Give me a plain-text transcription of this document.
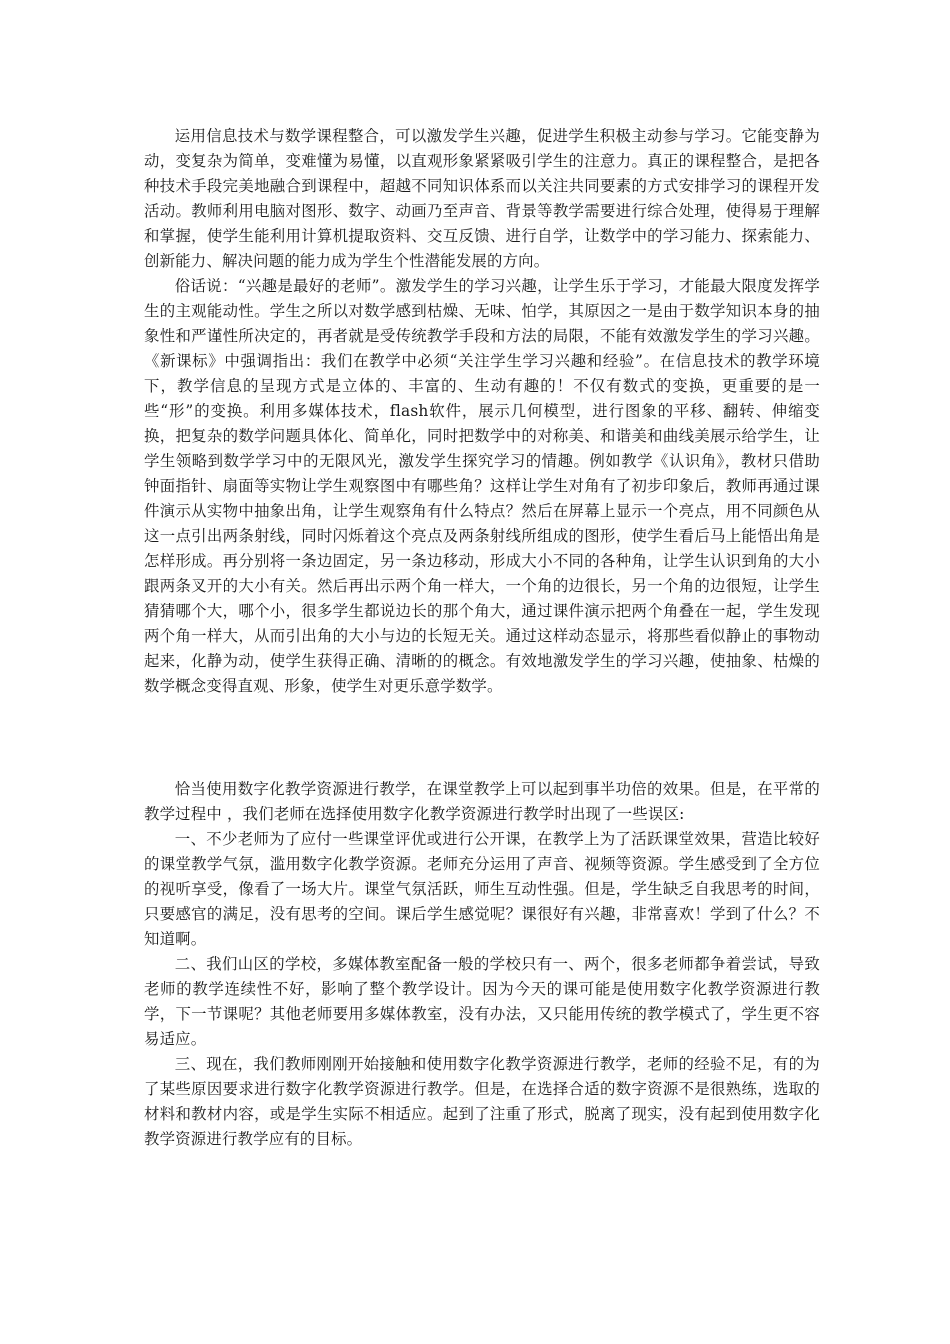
运用信息技术与数学课程整合，可以激发学生兴趣，促进学生积极主动参与学习。它能变静为动，变复杂为简单，变难懂为易懂，以直观形象紧紧吸引学生的注意力。真正的课程整合，是把各种技术手段完美地融合到课程中，超越不同知识体系而以关注共同要素的方式安排学习的课程开发活动。教师利用电脑对图形、数字、动画乃至声音、背景等教学需要进行综合处理，使得易于理解和掌握，使学生能利用计算机提取资料、交互反馈、进行自学，让数学中的学习能力、探索能力、创新能力、解决问题的能力成为学生个性潜能发展的方向。

俗话说：“兴趣是最好的老师”。激发学生的学习兴趣，让学生乐于学习，才能最大限度发挥学生的主观能动性。学生之所以对数学感到枯燥、无味、怕学，其原因之一是由于数学知识本身的抽象性和严谨性所决定的，再者就是受传统教学手段和方法的局限，不能有效激发学生的学习兴趣。《新课标》中强调指出：我们在教学中必须“关注学生学习兴趣和经验”。在信息技术的教学环境下，教学信息的呈现方式是立体的、丰富的、生动有趣的！不仅有数式的变换，更重要的是一些“形”的变换。利用多媒体技术，flash软件，展示几何模型，进行图象的平移、翻转、伸缩变换，把复杂的数学问题具体化、简单化，同时把数学中的对称美、和谐美和曲线美展示给学生，让学生领略到数学学习中的无限风光，激发学生探究学习的情趣。例如教学《认识角》，教材只借助钟面指针、扇面等实物让学生观察图中有哪些角？这样让学生对角有了初步印象后，教师再通过课件演示从实物中抽象出角，让学生观察角有什么特点？然后在屏幕上显示一个亮点，用不同颜色从这一点引出两条射线，同时闪烁着这个亮点及两条射线所组成的图形，使学生看后马上能悟出角是怎样形成。再分别将一条边固定，另一条边移动，形成大小不同的各种角，让学生认识到角的大小跟两条叉开的大小有关。然后再出示两个角一样大，一个角的边很长，另一个角的边很短，让学生猜猜哪个大，哪个小，很多学生都说边长的那个角大，通过课件演示把两个角叠在一起，学生发现两个角一样大，从而引出角的大小与边的长短无关。通过这样动态显示，将那些看似静止的事物动起来，化静为动，使学生获得正确、清晰的的概念。有效地激发学生的学习兴趣，使抽象、枯燥的数学概念变得直观、形象，使学生对更乐意学数学。

恰当使用数字化教学资源进行教学，在课堂教学上可以起到事半功倍的效果。但是，在平常的教学过程中 ，我们老师在选择使用数字化教学资源进行教学时出现了一些误区:

一、不少老师为了应付一些课堂评优或进行公开课，在教学上为了活跃课堂效果，营造比较好的课堂教学气氛，滥用数字化教学资源。老师充分运用了声音、视频等资源。学生感受到了全方位的视听享受，像看了一场大片。课堂气氛活跃，师生互动性强。但是，学生缺乏自我思考的时间，只要感官的满足，没有思考的空间。课后学生感觉呢？课很好有兴趣，非常喜欢！学到了什么？不知道啊。

二、我们山区的学校，多媒体教室配备一般的学校只有一、两个，很多老师都争着尝试，导致老师的教学连续性不好，影响了整个教学设计。因为今天的课可能是使用数字化教学资源进行教学，下一节课呢？其他老师要用多媒体教室，没有办法，又只能用传统的教学模式了，学生更不容易适应。

三、现在，我们教师刚刚开始接触和使用数字化教学资源进行教学，老师的经验不足，有的为了某些原因要求进行数字化教学资源进行教学。但是，在选择合适的数字资源不是很熟练，选取的材料和教材内容，或是学生实际不相适应。起到了注重了形式，脱离了现实，没有起到使用数字化教学资源进行教学应有的目标。
